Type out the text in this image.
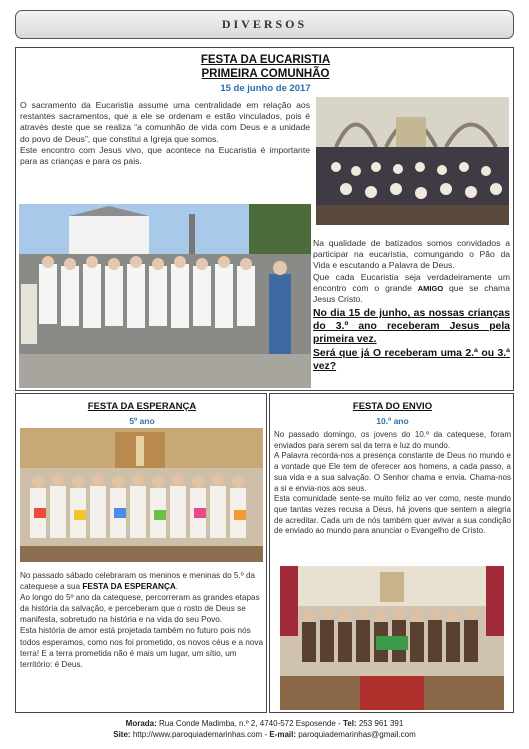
DIVERSOS
FESTA DA EUCARISTIA
PRIMEIRA COMUNHÃO
15 de junho de 2017

O sacramento da Eucaristia assume uma centralidade em relação aos restantes sacramentos, que a ele se ordenam e estão vinculados, pois é através deste que se realiza “a comunhão de vida com Deus e a unidade do povo de Deus”, que constitui a Igreja que somos.

Este encontro com Jesus vivo, que acontece na Eucaristia é importante para as crianças e para os pais.

Na qualidade de batizados somos convidados a participar na eucaristia, comungando o Pão da Vida e escutando a Palavra de Deus.

Que cada Eucaristia seja verdadeiramente um encontro com o grande AMIGO que se chama Jesus Cristo.

No dia 15 de junho, as nossas crianças do 3.º ano receberam Jesus pela primeira vez.

Será que já O receberam uma 2.ª ou 3.ª vez?

FESTA DA ESPERANÇA
5º ano

No passado sábado celebraram os meninos e meninas do 5.º da catequese a sua FESTA DA ESPERANÇA.

Ao longo do 5º ano da catequese, percorreram as grandes etapas da história da salvação, e perceberam que o rosto de Deus se manifesta, sobretudo na história e na vida do seu Povo.

Esta história de amor está projetada também no futuro pois nós todos esperamos, como nos foi prometido, os novos céus e a nova terra! E a terra prometida não é mais um lugar, um sítio, um território: é Deus.

FESTA DO ENVIO
10.º ano

No passado domingo, os jovens do 10.º da catequese, foram enviados para serem sal da terra e luz do mundo.

A Palavra recorda-nos a presença constante de Deus no mundo e a vontade que Ele tem de oferecer aos homens, a cada passo, a sua vida e a sua salvação. O Senhor chama e envia. Chama-nos a si e envia-nos aos seus.

Esta comunidade sente-se muito feliz ao ver como, neste mundo que tantas vezes recusa a Deus, há jovens que sentem a alegria de acreditar. Cada um de nós também quer avivar a sua condição de enviado ao mundo para anunciar o Evangelho de Cristo.

Morada: Rua Conde Madimba, n.º 2, 4740-572 Esposende - Tel: 253 961 391
Site: http://www.paroquiademarinhas.com - E-mail: paroquiademarinhas@gmail.com
